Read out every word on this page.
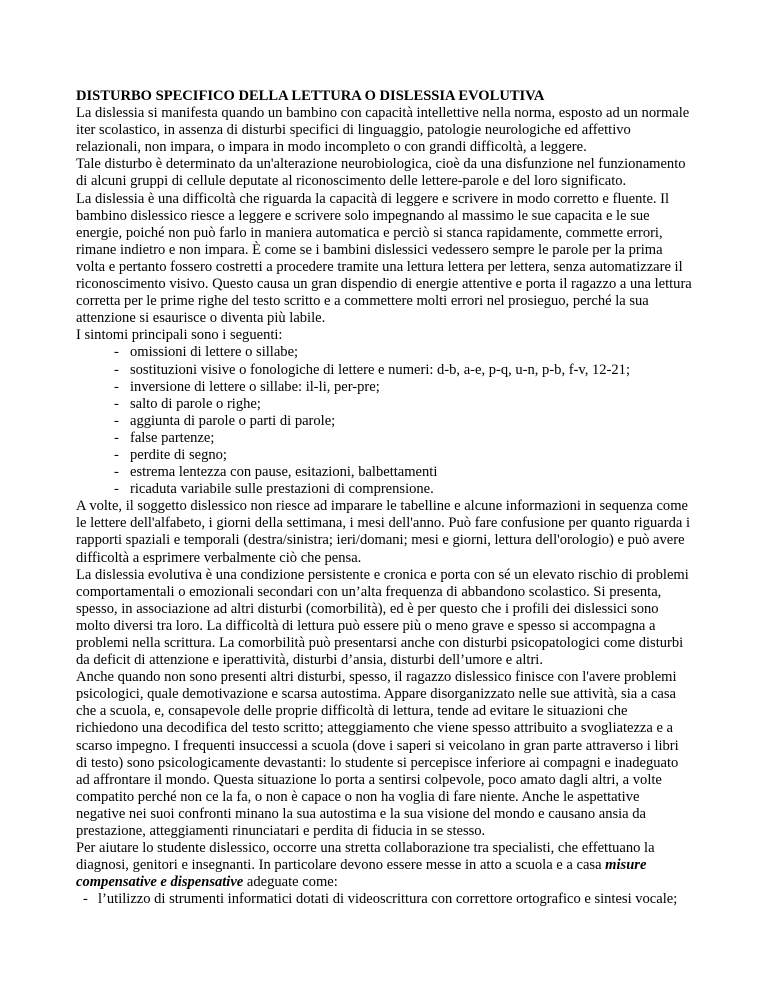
DISTURBO SPECIFICO DELLA LETTURA O DISLESSIA EVOLUTIVA

La dislessia si manifesta quando un bambino con capacità intellettive nella norma, esposto ad un normale iter scolastico, in assenza di disturbi specifici di linguaggio, patologie neurologiche ed affettivo relazionali, non impara, o impara in modo incompleto o con grandi difficoltà, a leggere.

Tale disturbo è determinato da un'alterazione neurobiologica, cioè da una disfunzione nel funzionamento di alcuni gruppi di cellule deputate al riconoscimento delle lettere-parole e del loro significato.

La dislessia è una difficoltà che riguarda la capacità di leggere e scrivere in modo corretto e fluente. Il bambino dislessico riesce a leggere e scrivere solo impegnando al massimo le sue capacita e le sue energie, poiché non può farlo in maniera automatica e perciò si stanca rapidamente, commette errori, rimane indietro e non impara. È come se i bambini dislessici vedessero sempre le parole per la prima volta e pertanto fossero costretti a procedere tramite una lettura lettera per lettera, senza automatizzare il riconoscimento visivo. Questo causa un gran dispendio di energie attentive e porta il ragazzo a una lettura corretta per le prime righe del testo scritto e a commettere molti errori nel prosieguo, perché la sua attenzione si esaurisce o diventa più labile.

I sintomi principali sono i seguenti:

- omissioni di lettere o sillabe;
- sostituzioni visive o fonologiche di lettere e numeri: d-b, a-e, p-q, u-n, p-b, f-v, 12-21;
- inversione di lettere o sillabe: il-li, per-pre;
- salto di parole o righe;
- aggiunta di parole o parti di parole;
- false partenze;
- perdite di segno;
- estrema lentezza con pause, esitazioni, balbettamenti
- ricaduta variabile sulle prestazioni di comprensione.

A volte, il soggetto dislessico non riesce ad imparare le tabelline e alcune informazioni in sequenza come le lettere dell'alfabeto, i giorni della settimana, i mesi dell'anno. Può fare confusione per quanto riguarda i rapporti spaziali e temporali (destra/sinistra; ieri/domani; mesi e giorni, lettura dell'orologio) e può avere difficoltà a esprimere verbalmente ciò che pensa.

La dislessia evolutiva è una condizione persistente e cronica e porta con sé un elevato rischio di problemi comportamentali o emozionali secondari con un’alta frequenza di abbandono scolastico. Si presenta, spesso, in associazione ad altri disturbi (comorbilità), ed è per questo che i profili dei dislessici sono molto diversi tra loro. La difficoltà di lettura può essere più o meno grave e spesso si accompagna a problemi nella scrittura. La comorbilità può presentarsi anche con disturbi psicopatologici come disturbi da deficit di attenzione e iperattività, disturbi d’ansia, disturbi dell’umore e altri.

Anche quando non sono presenti altri disturbi, spesso, il ragazzo dislessico finisce con l'avere problemi psicologici, quale demotivazione e scarsa autostima. Appare disorganizzato nelle sue attività, sia a casa che a scuola, e, consapevole delle proprie difficoltà di lettura, tende ad evitare le situazioni che richiedono una decodifica del testo scritto; atteggiamento che viene spesso attribuito a svogliatezza e a scarso impegno. I frequenti insuccessi a scuola (dove i saperi si veicolano in gran parte attraverso i libri di testo) sono psicologicamente devastanti: lo studente si percepisce inferiore ai compagni e inadeguato ad affrontare il mondo. Questa situazione lo porta a sentirsi colpevole, poco amato dagli altri, a volte compatito perché non ce la fa, o non è capace o non ha voglia di fare niente. Anche le aspettative negative nei suoi confronti minano la sua autostima e la sua visione del mondo e causano ansia da prestazione, atteggiamenti rinunciatari e perdita di fiducia in se stesso.

Per aiutare lo studente dislessico, occorre una stretta collaborazione tra specialisti, che effettuano la diagnosi, genitori e insegnanti. In particolare devono essere messe in atto a scuola e a casa misure compensative e dispensative adeguate come:

- l’utilizzo di strumenti informatici dotati di videoscrittura con correttore ortografico e sintesi vocale;
